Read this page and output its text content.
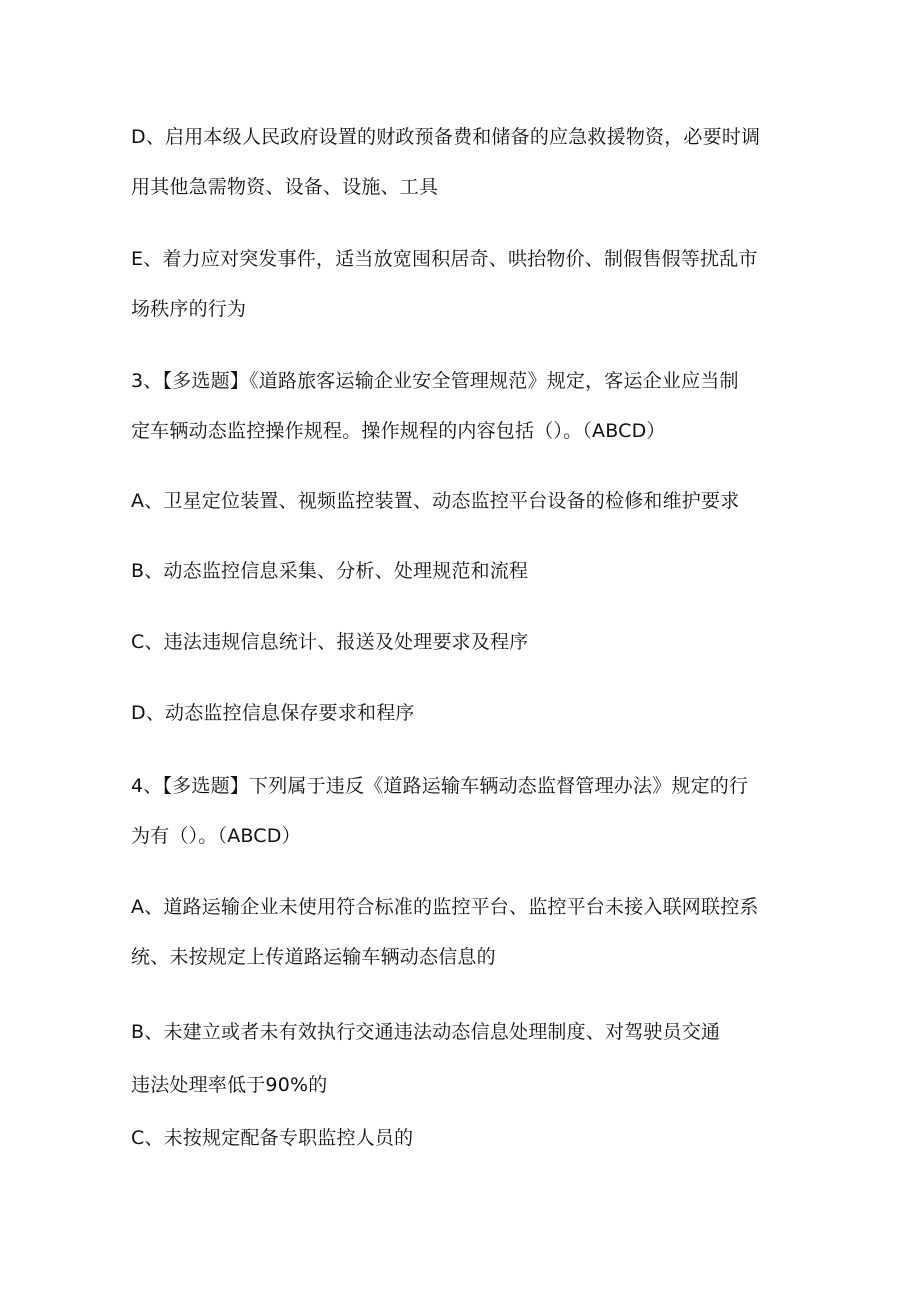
D、启用本级人民政府设置的财政预备费和储备的应急救援物资，必要时调
用其他急需物资、设备、设施、工具
E、着力应对突发事件，适当放宽囤积居奇、哄抬物价、制假售假等扰乱市
场秩序的行为
3、【多选题】《道路旅客运输企业安全管理规范》规定，客运企业应当制
定车辆动态监控操作规程。操作规程的内容包括（）。（ABCD）
A、卫星定位装置、视频监控装置、动态监控平台设备的检修和维护要求
B、动态监控信息采集、分析、处理规范和流程
C、违法违规信息统计、报送及处理要求及程序
D、动态监控信息保存要求和程序
4、【多选题】下列属于违反《道路运输车辆动态监督管理办法》规定的行
为有（）。（ABCD）
A、道路运输企业未使用符合标准的监控平台、监控平台未接入联网联控系
统、未按规定上传道路运输车辆动态信息的
B、未建立或者未有效执行交通违法动态信息处理制度、对驾驶员交通
违法处理率低于90%的
C、未按规定配备专职监控人员的
